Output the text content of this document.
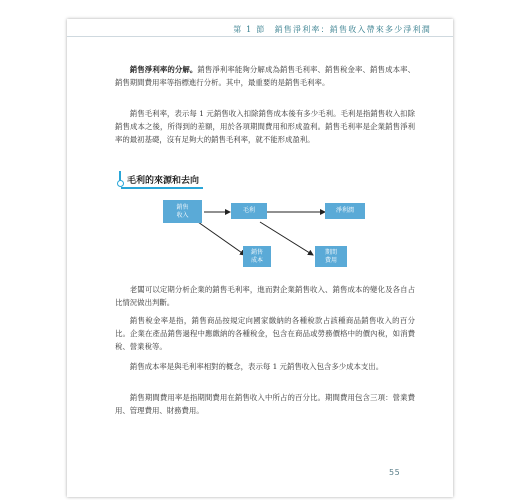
第 1 節　銷售淨利率：銷售收入帶來多少淨利潤

銷售淨利率的分解。銷售淨利率能夠分解成為銷售毛利率、銷售稅金率、銷售成本率、銷售期間費用率等指標進行分析。其中，最重要的是銷售毛利率。

銷售毛利率，表示每 1 元銷售收入扣除銷售成本後有多少毛利。毛利是指銷售收入扣除銷售成本之後，所得到的差額，用於各項期間費用和形成盈利。銷售毛利率是企業銷售淨利率的最初基礎，沒有足夠大的銷售毛利率，就不能形成盈利。

毛利的來源和去向
銷售
收入
毛利	淨利潤
銷售
成本
期間
費用

老闆可以定期分析企業的銷售毛利率，進而對企業銷售收入、銷售成本的變化及各自占比情況做出判斷。

銷售稅金率是指，銷售商品按規定向國家繳納的各種稅款占該種商品銷售收入的百分比。企業在產品銷售過程中應繳納的各種稅金，包含在商品或勞務價格中的價內稅，如消費稅、營業稅等。

銷售成本率是與毛利率相對的概念，表示每 1 元銷售收入包含多少成本支出。

銷售期間費用率是指期間費用在銷售收入中所占的百分比。期間費用包含三項：營業費用、管理費用、財務費用。

55
